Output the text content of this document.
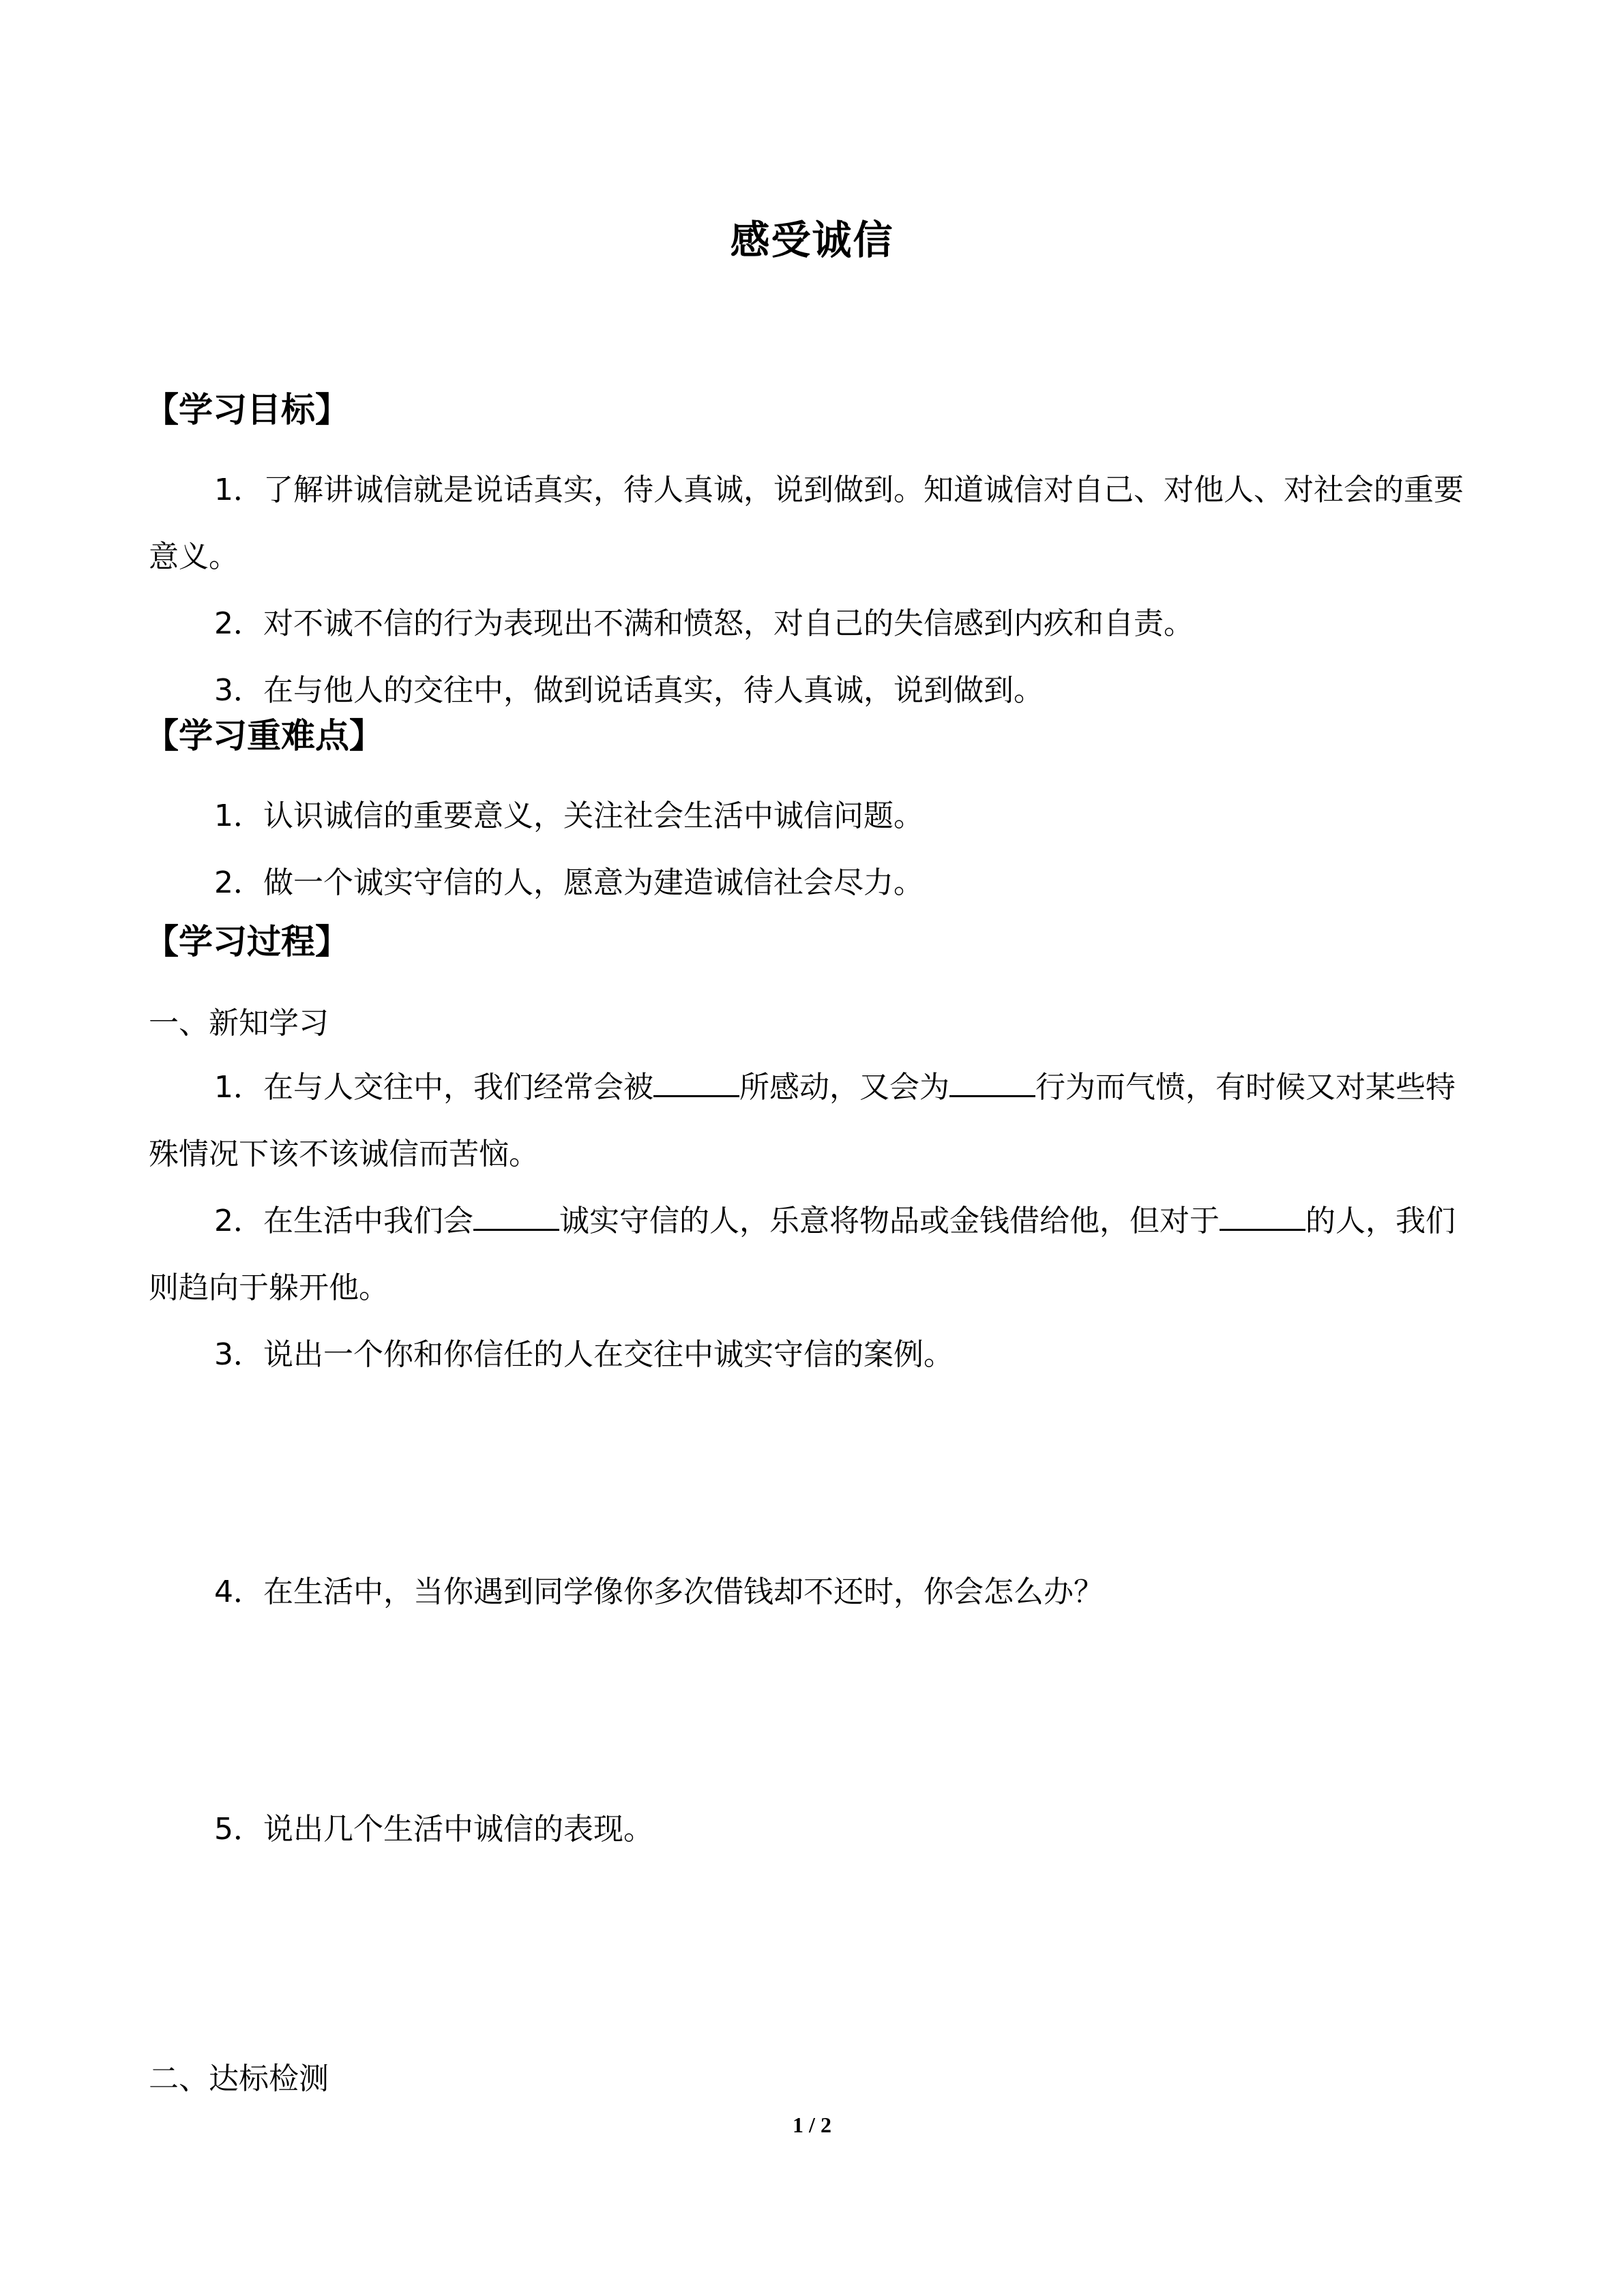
感受诚信
【学习目标】
1．了解讲诚信就是说话真实，待人真诚，说到做到。知道诚信对自己、对他人、对社会的重要意义。
2．对不诚不信的行为表现出不满和愤怒，对自己的失信感到内疚和自责。
3．在与他人的交往中，做到说话真实，待人真诚，说到做到。
【学习重难点】
1．认识诚信的重要意义，关注社会生活中诚信问题。
2．做一个诚实守信的人，愿意为建造诚信社会尽力。
【学习过程】
一、新知学习
1．在与人交往中，我们经常会被	所感动，又会为	行为而气愤，有时候又对某些特殊情况下该不该诚信而苦恼。
2．在生活中我们会	诚实守信的人，乐意将物品或金钱借给他，但对于	的人，我们则趋向于躲开他。
3．说出一个你和你信任的人在交往中诚实守信的案例。
4．在生活中，当你遇到同学像你多次借钱却不还时，你会怎么办？
5．说出几个生活中诚信的表现。
二、达标检测
1 / 2
